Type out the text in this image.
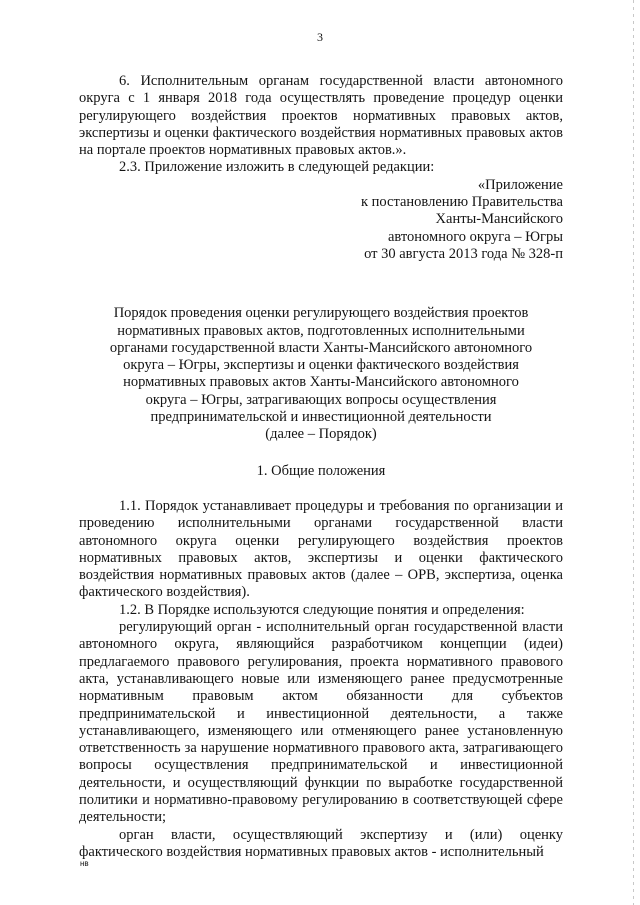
3

6. Исполнительным органам государственной власти автономного округа с 1 января 2018 года осуществлять проведение процедур оценки регулирующего воздействия проектов нормативных правовых актов, экспертизы и оценки фактического воздействия нормативных правовых актов на портале проектов нормативных правовых актов.».

2.3. Приложение изложить в следующей редакции:

«Приложение
к постановлению Правительства
Ханты-Мансийского
автономного округа – Югры
от 30 августа 2013 года № 328-п
Порядок проведения оценки регулирующего воздействия проектов
нормативных правовых актов, подготовленных исполнительными
органами государственной власти Ханты-Мансийского автономного
округа – Югры, экспертизы и оценки фактического воздействия
нормативных правовых актов Ханты-Мансийского автономного
округа – Югры, затрагивающих вопросы осуществления
предпринимательской и инвестиционной деятельности
(далее – Порядок)
1. Общие положения

1.1. Порядок устанавливает процедуры и требования по организации и проведению исполнительными органами государственной власти автономного округа оценки регулирующего воздействия проектов нормативных правовых актов, экспертизы и оценки фактического воздействия нормативных правовых актов (далее – ОРВ, экспертиза, оценка фактического воздействия).

1.2. В Порядке используются следующие понятия и определения:

регулирующий орган - исполнительный орган государственной власти автономного округа, являющийся разработчиком концепции (идеи) предлагаемого правового регулирования, проекта нормативного правового акта, устанавливающего новые или изменяющего ранее предусмотренные нормативным правовым актом обязанности для субъектов предпринимательской и инвестиционной деятельности, а также устанавливающего, изменяющего или отменяющего ранее установленную ответственность за нарушение нормативного правового акта, затрагивающего вопросы осуществления предпринимательской и инвестиционной деятельности, и осуществляющий функции по выработке государственной политики и нормативно-правовому регулированию в соответствующей сфере деятельности;

орган власти, осуществляющий экспертизу и (или) оценку фактического воздействия нормативных правовых актов - исполнительный

нв
